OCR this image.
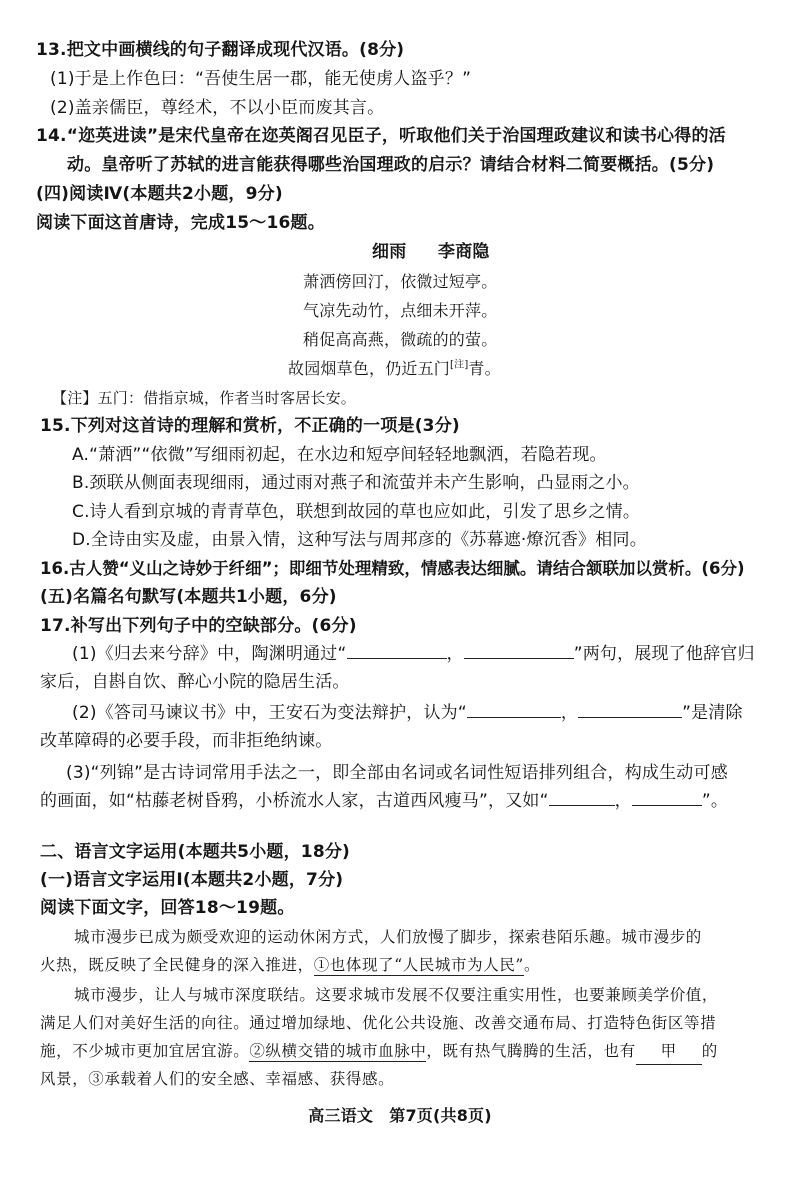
13.把文中画横线的句子翻译成现代汉语。(8分)
(1)于是上作色曰：“吾使生居一郡，能无使虏人盗乎？”
(2)盖亲儒臣，尊经术，不以小臣而废其言。
14.“迩英进读”是宋代皇帝在迩英阁召见臣子，听取他们关于治国理政建议和读书心得的活
动。皇帝听了苏轼的进言能获得哪些治国理政的启示？请结合材料二简要概括。(5分)
(四)阅读Ⅳ(本题共2小题，9分)
阅读下面这首唐诗，完成15～16题。
细雨 李商隐
萧洒傍回汀，依微过短亭。
气凉先动竹，点细未开萍。
稍促高高燕，微疏的的萤。
故园烟草色，仍近五门[注]青。
【注】五门：借指京城，作者当时客居长安。
15.下列对这首诗的理解和赏析，不正确的一项是(3分)
A.“萧洒”“依微”写细雨初起，在水边和短亭间轻轻地飘洒，若隐若现。
B.颈联从侧面表现细雨，通过雨对燕子和流萤并未产生影响，凸显雨之小。
C.诗人看到京城的青青草色，联想到故园的草也应如此，引发了思乡之情。
D.全诗由实及虚，由景入情，这种写法与周邦彦的《苏幕遮·燎沉香》相同。
16.古人赞“义山之诗妙于纤细”；即细节处理精致，情感表达细腻。请结合颔联加以赏析。(6分)
(五)名篇名句默写(本题共1小题，6分)
17.补写出下列句子中的空缺部分。(6分)
(1)《归去来兮辞》中，陶渊明通过“	，	”两句，展现了他辞官归
家后，自斟自饮、醉心小院的隐居生活。
(2)《答司马谏议书》中，王安石为变法辩护，认为“	，	”是清除
改革障碍的必要手段，而非拒绝纳谏。
(3)“列锦”是古诗词常用手法之一，即全部由名词或名词性短语排列组合，构成生动可感
的画面，如“枯藤老树昏鸦，小桥流水人家，古道西风瘦马”，又如“	，	”。
二、语言文字运用(本题共5小题，18分)
(一)语言文字运用Ⅰ(本题共2小题，7分)
阅读下面文字，回答18～19题。
城市漫步已成为颇受欢迎的运动休闲方式，人们放慢了脚步，探索巷陌乐趣。城市漫步的
火热，既反映了全民健身的深入推进，①也体现了“人民城市为人民”。
城市漫步，让人与城市深度联结。这要求城市发展不仅要注重实用性，也要兼顾美学价值，
满足人们对美好生活的向往。通过增加绿地、优化公共设施、改善交通布局、打造特色街区等措
施，不少城市更加宜居宜游。②纵横交错的城市血脉中，既有热气腾腾的生活，也有 甲 的
风景，③承载着人们的安全感、幸福感、获得感。
高三语文　第7页(共8页)
